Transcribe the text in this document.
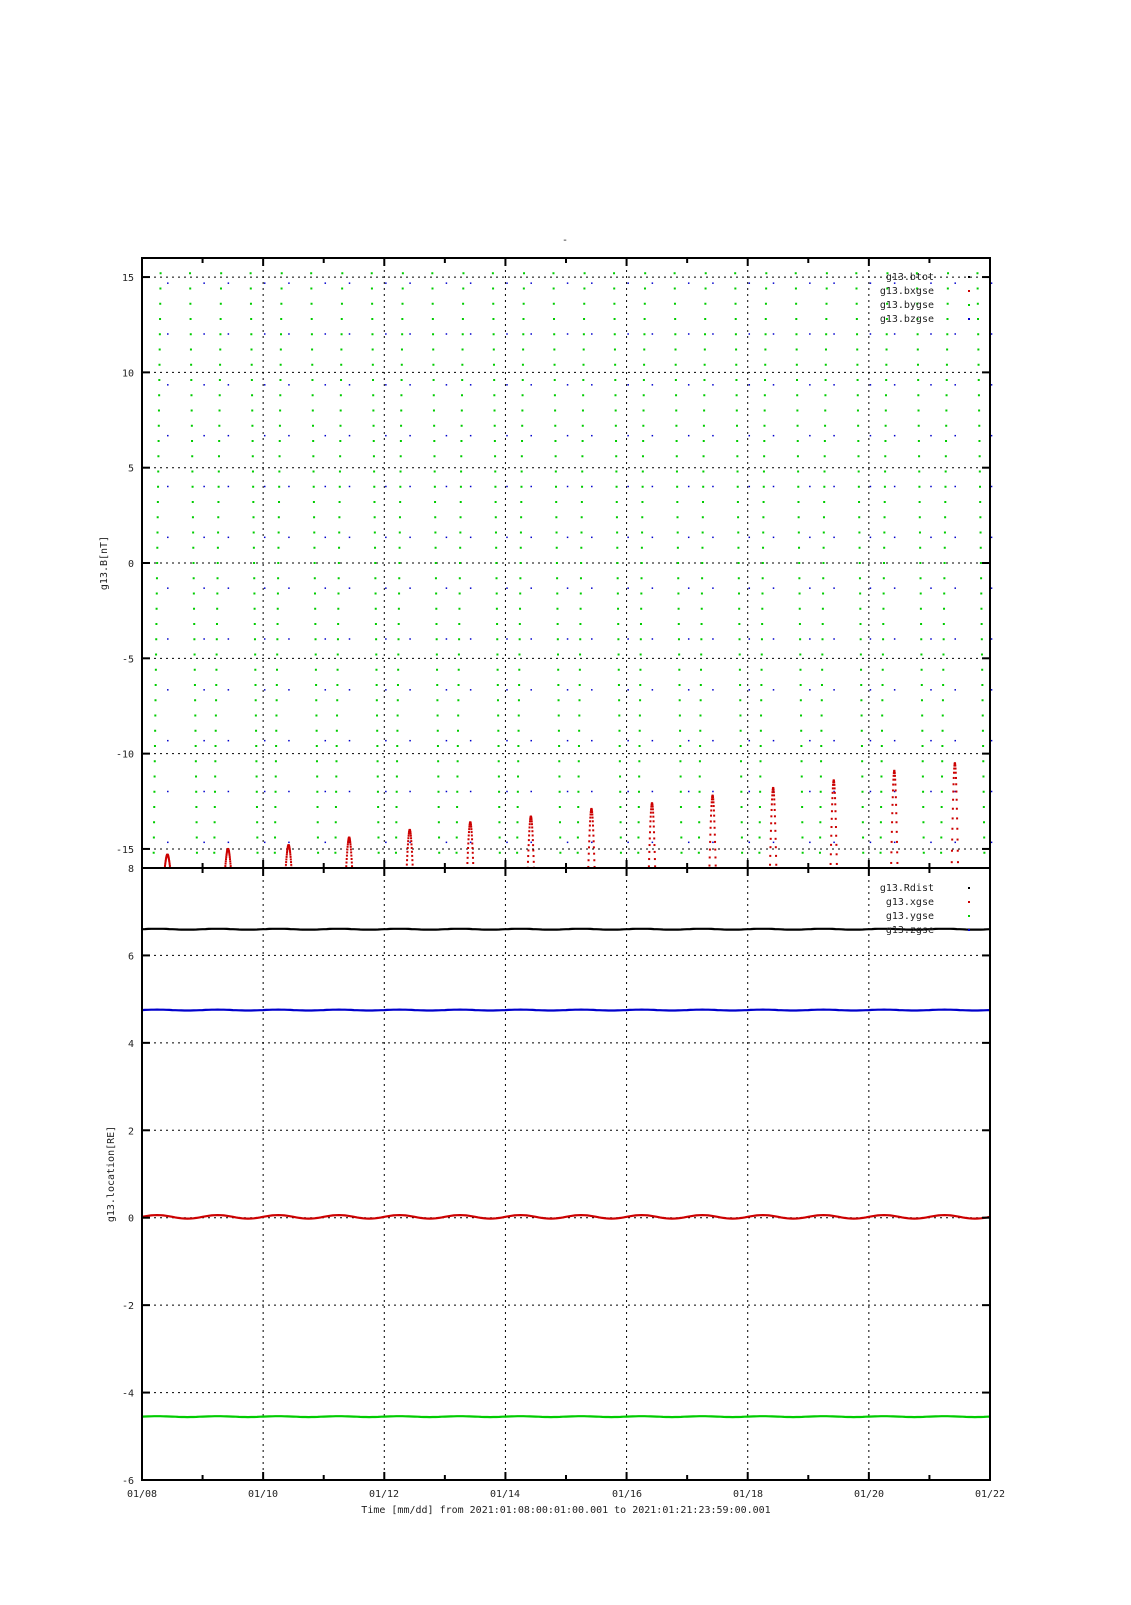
-
-15
-10
-5
0
5
10
15
g13.B[nT]
g13.btot
g13.bxgse
g13.bygse
g13.bzgse
-6
-4
-2
0
2
4
6
8
g13.location[RE]
g13.Rdist
g13.xgse
g13.ygse
g13.zgse
01/08	01/10	01/12	01/14	01/16	01/18	01/20	01/22
Time [mm/dd] from 2021:01:08:00:01:00.001 to 2021:01:21:23:59:00.001
